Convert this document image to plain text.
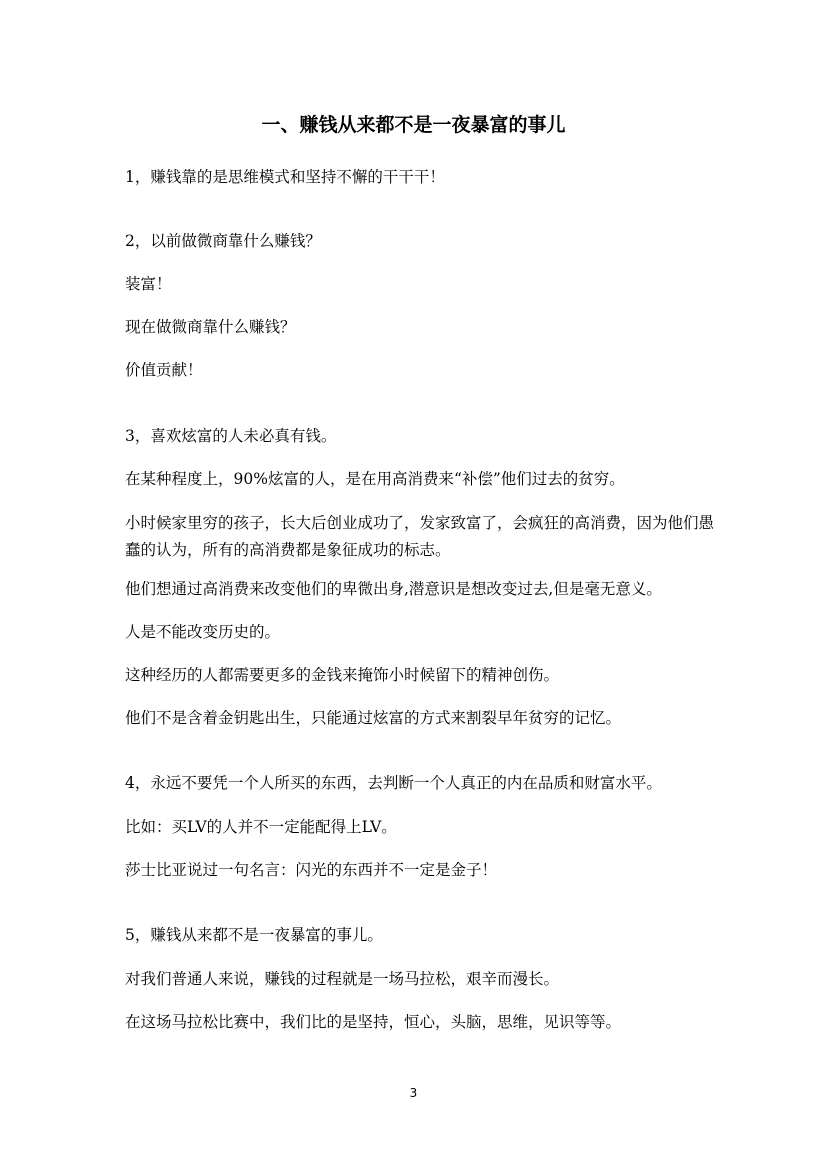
一、赚钱从来都不是一夜暴富的事儿

1，赚钱靠的是思维模式和坚持不懈的干干干！

2，以前做微商靠什么赚钱？

装富！

现在做微商靠什么赚钱？

价值贡献！

3，喜欢炫富的人未必真有钱。

在某种程度上，90%炫富的人，是在用高消费来“补偿”他们过去的贫穷。

小时候家里穷的孩子，长大后创业成功了，发家致富了，会疯狂的高消费，因为他们愚蠢的认为，所有的高消费都是象征成功的标志。

他们想通过高消费来改变他们的卑微出身,潜意识是想改变过去,但是毫无意义。

人是不能改变历史的。

这种经历的人都需要更多的金钱来掩饰小时候留下的精神创伤。

他们不是含着金钥匙出生，只能通过炫富的方式来割裂早年贫穷的记忆。

4，永远不要凭一个人所买的东西，去判断一个人真正的内在品质和财富水平。

比如：买LV的人并不一定能配得上LV。

莎士比亚说过一句名言：闪光的东西并不一定是金子！

5，赚钱从来都不是一夜暴富的事儿。

对我们普通人来说，赚钱的过程就是一场马拉松，艰辛而漫长。

在这场马拉松比赛中，我们比的是坚持，恒心，头脑，思维，见识等等。

3
